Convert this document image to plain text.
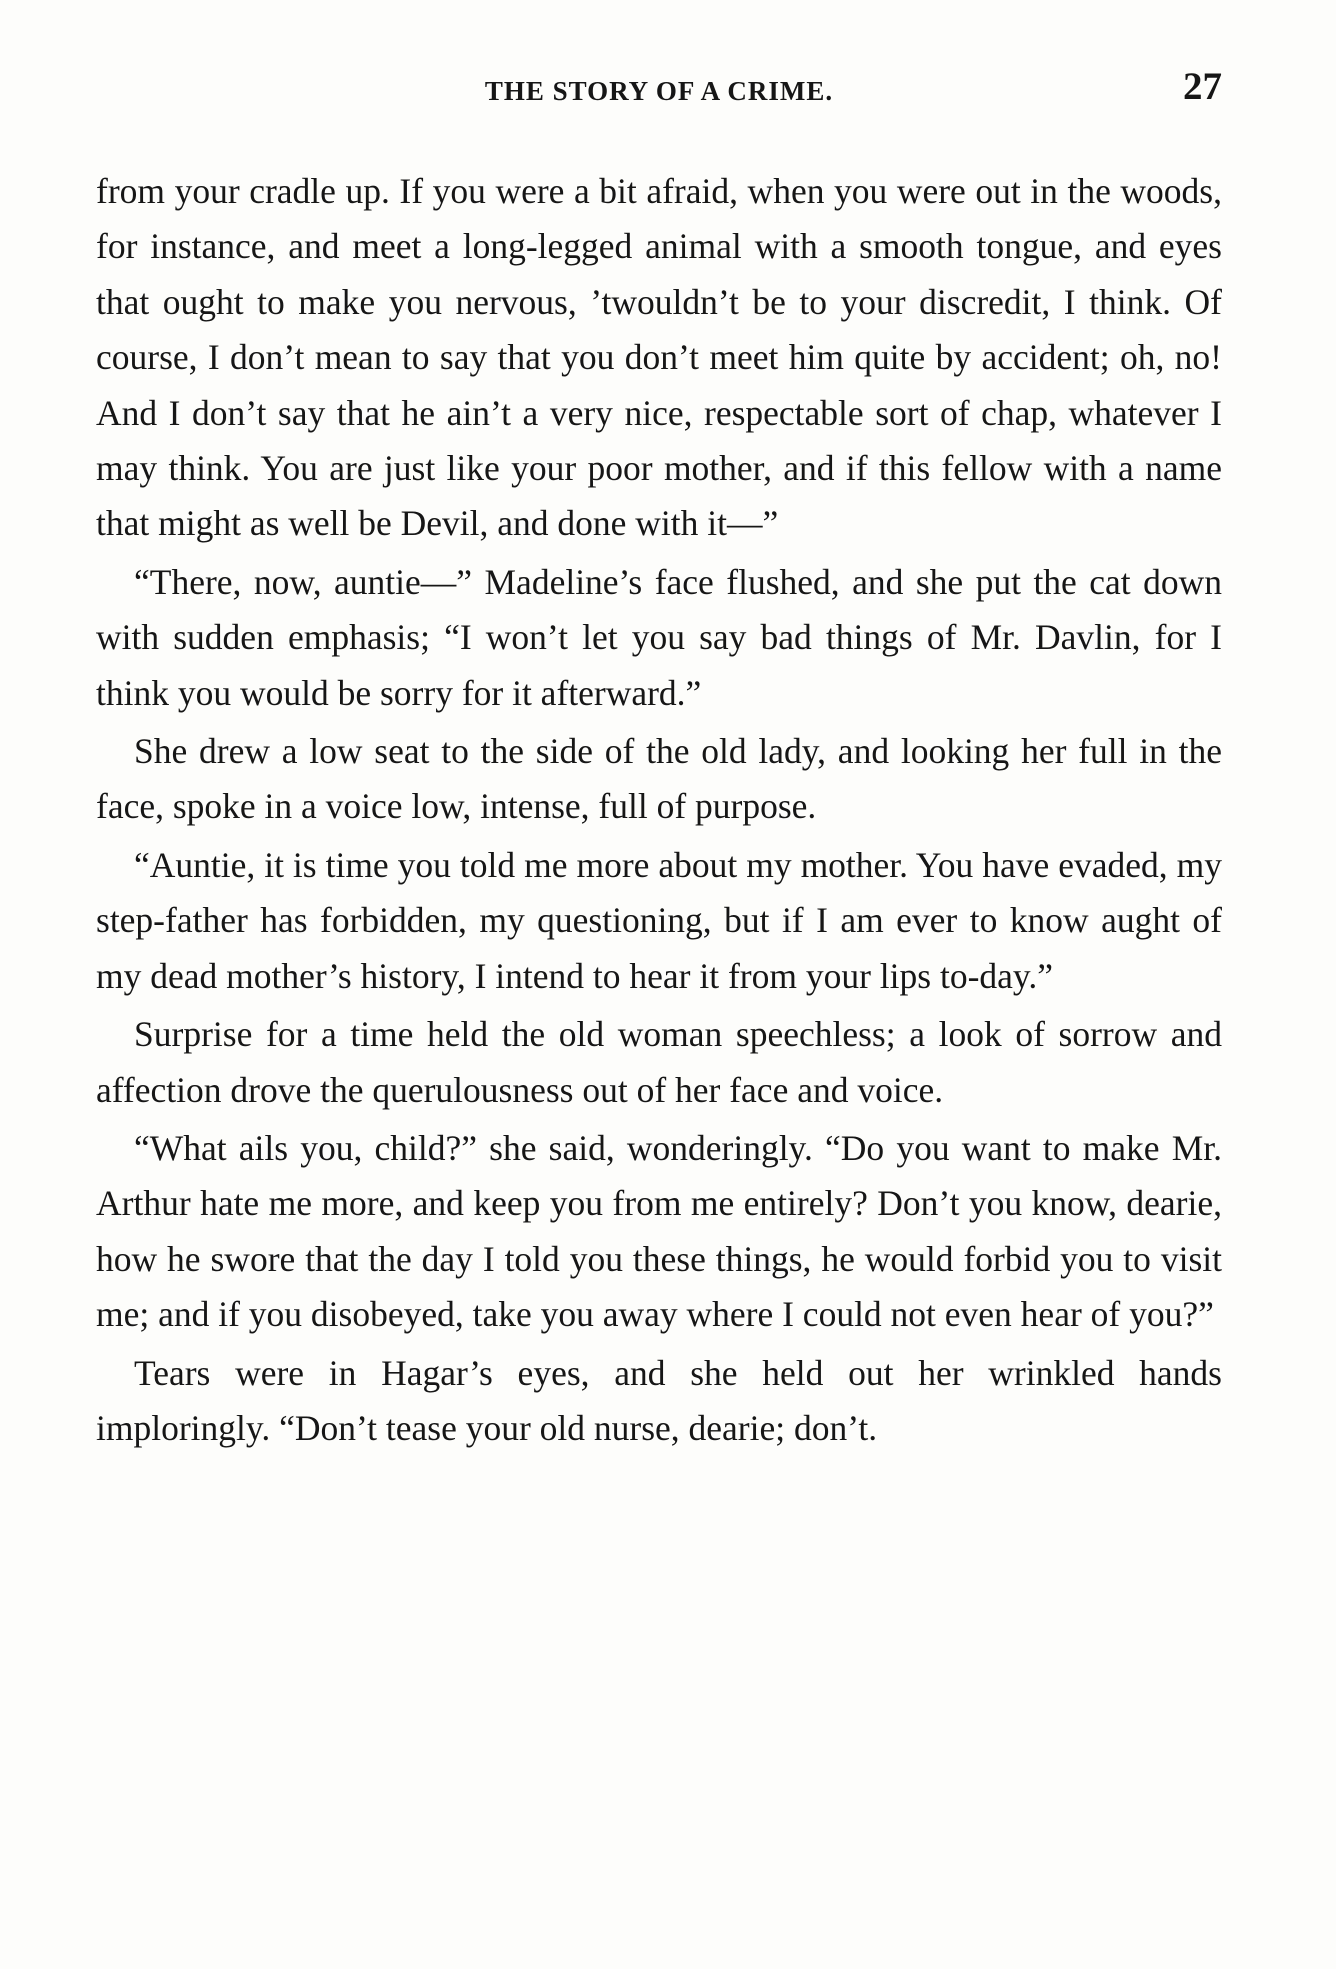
THE STORY OF A CRIME.	27

from your cradle up. If you were a bit afraid, when you were out in the woods, for instance, and meet a long-legged animal with a smooth tongue, and eyes that ought to make you nervous, ’twouldn’t be to your discredit, I think. Of course, I don’t mean to say that you don’t meet him quite by accident; oh, no! And I don’t say that he ain’t a very nice, respectable sort of chap, whatever I may think. You are just like your poor mother, and if this fellow with a name that might as well be Devil, and done with it—”

“There, now, auntie—” Madeline’s face flushed, and she put the cat down with sudden emphasis; “I won’t let you say bad things of Mr. Davlin, for I think you would be sorry for it afterward.”

She drew a low seat to the side of the old lady, and looking her full in the face, spoke in a voice low, intense, full of purpose.

“Auntie, it is time you told me more about my mother. You have evaded, my step-father has forbidden, my questioning, but if I am ever to know aught of my dead mother’s history, I intend to hear it from your lips to-day.”

Surprise for a time held the old woman speechless; a look of sorrow and affection drove the querulousness out of her face and voice.

“What ails you, child?” she said, wonderingly. “Do you want to make Mr. Arthur hate me more, and keep you from me entirely? Don’t you know, dearie, how he swore that the day I told you these things, he would forbid you to visit me; and if you disobeyed, take you away where I could not even hear of you?”

Tears were in Hagar’s eyes, and she held out her wrinkled hands imploringly. “Don’t tease your old nurse, dearie; don’t.
